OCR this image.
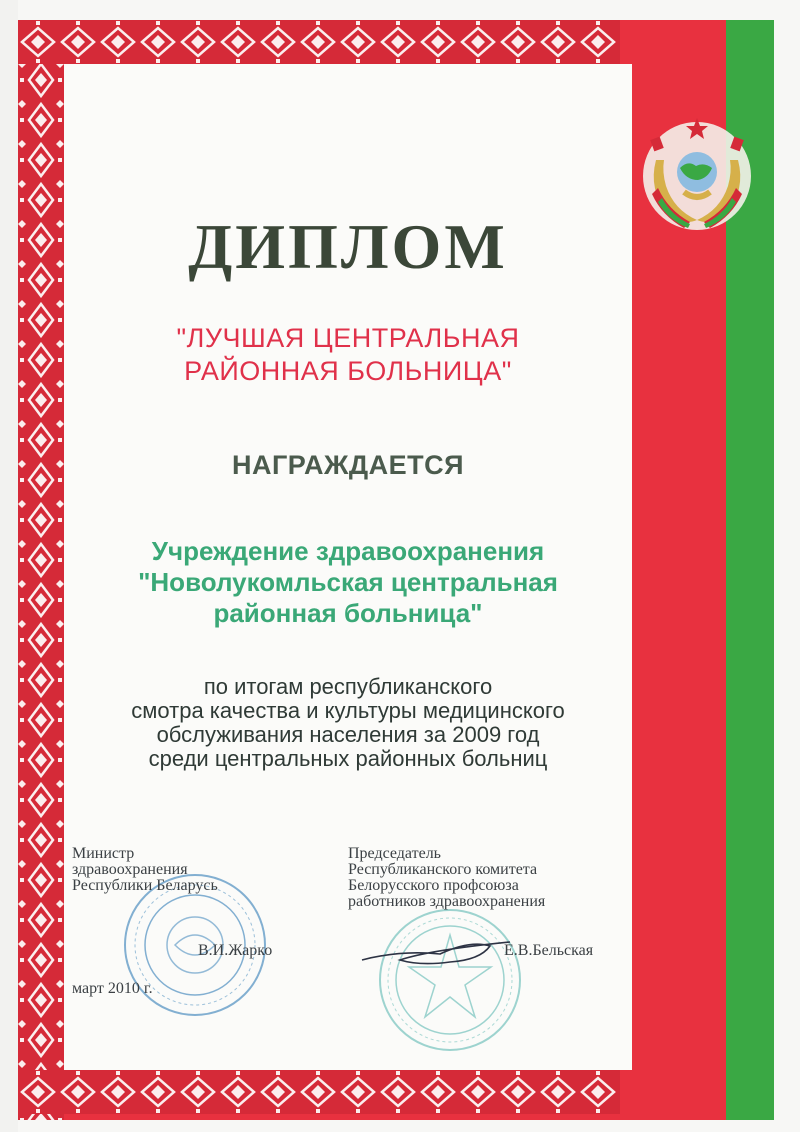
ДИПЛОМ
"ЛУЧШАЯ ЦЕНТРАЛЬНАЯ
РАЙОННАЯ БОЛЬНИЦА"
НАГРАЖДАЕТСЯ
Учреждение здравоохранения
"Новолукомльская центральная
районная больница"
по итогам республиканского
смотра качества и культуры медицинского
обслуживания населения за 2009 год
среди центральных районных больниц
Министр
здравоохранения
Республики Беларусь
В.И.Жарко
Председатель
Республиканского комитета
Белорусского профсоюза
работников здравоохранения
Е.В.Бельская
март 2010 г.
